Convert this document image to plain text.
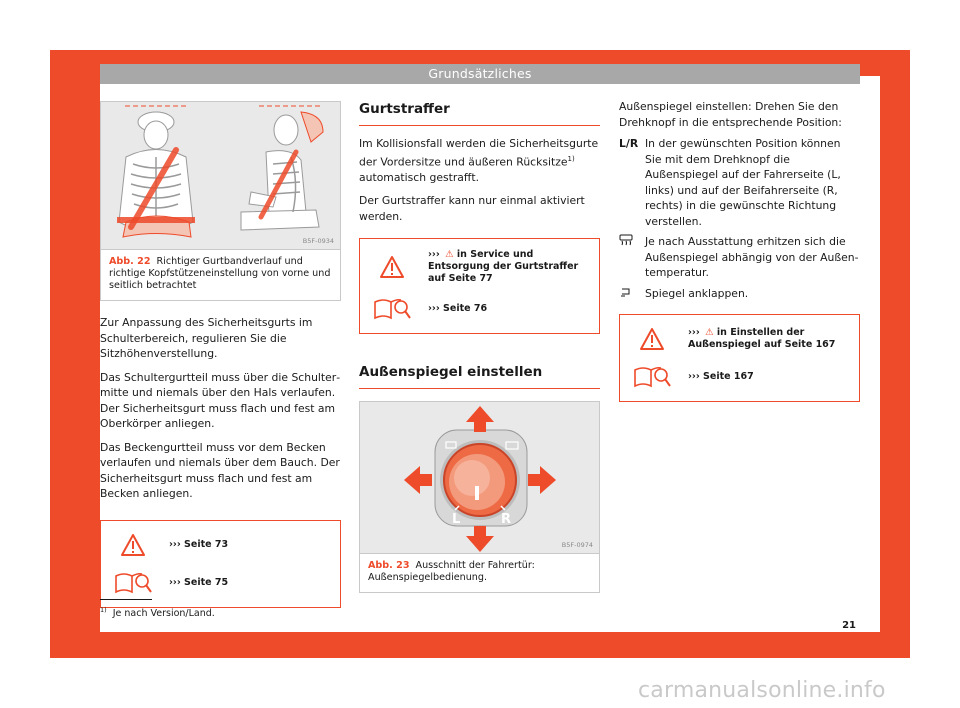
Grundsätzliches
B5F-0934
Abb. 22 Richtiger Gurtbandverlauf und richtige Kopfstützeneinstellung von vorne und seitlich betrachtet

Zur Anpassung des Sicherheitsgurts im Schulterbereich, regulieren Sie die Sitzhöhenverstellung.

Das Schultergurtteil muss über die Schultermitte und niemals über den Hals verlaufen. Der Sicherheitsgurt muss flach und fest am Oberkörper anliegen.

Das Beckengurtteil muss vor dem Becken verlaufen und niemals über dem Bauch. Der Sicherheitsgurt muss flach und fest am Becken anliegen.

››› Seite 73
››› Seite 75
Gurtstraffer

Im Kollisionsfall werden die Sicherheitsgurte der Vordersitze und äußeren Rücksitze$^{1)}$ automatisch gestrafft.

Der Gurtstraffer kann nur einmal aktiviert werden.

››› ⚠ in Service und Entsorgung der Gurtstraffer auf Seite 77
››› Seite 76
Außenspiegel einstellen
L	R
B5F-0974
Abb. 23 Ausschnitt der Fahrertür: Außenspiegelbedienung.

Außenspiegel einstellen: Drehen Sie den Drehknopf in die entsprechende Position:

L/R In der gewünschten Position können Sie mit dem Drehknopf die Außenspiegel auf der Fahrerseite (L, links) und auf der Beifahrerseite (R, rechts) in die gewünschte Richtung verstellen.
Je nach Ausstattung erhitzen sich die Außenspiegel abhängig von der Außentemperatur.
Spiegel anklappen.
››› ⚠ in Einstellen der Außenspiegel auf Seite 167
››› Seite 167
$^{1)}$ Je nach Version/Land.
21
carmanualsonline.info
